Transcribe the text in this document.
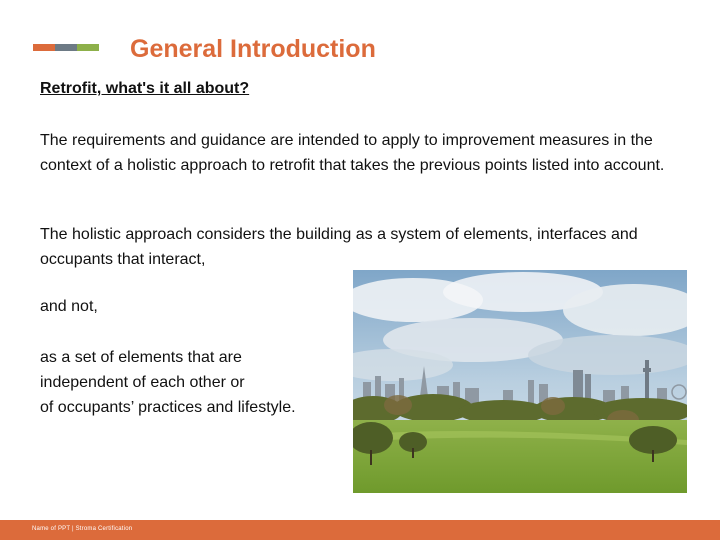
General Introduction

Retrofit, what's it all about?

The requirements and guidance are intended to apply to improvement measures in the context of a holistic approach to retrofit that takes the previous points listed into account.

The holistic approach considers the building as a system of elements, interfaces and occupants that interact,

and not,

as a set of elements that are
independent of each other or
of occupants’ practices and lifestyle.
Name of PPT | Stroma Certification
